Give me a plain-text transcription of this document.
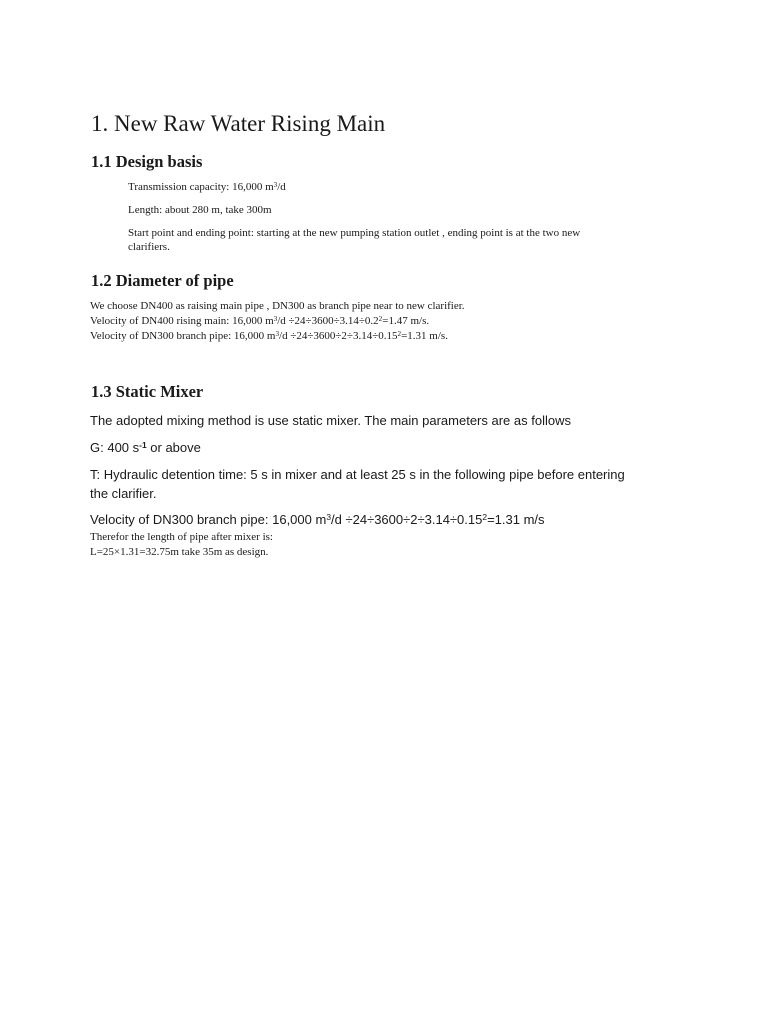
1. New Raw Water Rising Main
1.1 Design basis

Transmission capacity: 16,000 $m^3/d$

Length: about 280 m, take 300m

Start point and ending point: starting at the new pumping station outlet , ending point is at the two new

clarifiers.

1.2 Diameter of pipe

We choose DN400 as raising main pipe , DN300 as branch pipe near to new clarifier.

Velocity of DN400 rising main: 16,000 $m^3/d \div 24\div 3600\div 3.14\div 0.2^2=1.47$ m/s.

Velocity of DN300 branch pipe: 16,000 $m^3/d \div 24\div 3600\div 2\div 3.14\div 0.15^2=1.31$ m/s.

1.3 Static Mixer

The adopted mixing method is use static mixer. The main parameters are as follows

G: 400 $s^{-1}$ or above

T: Hydraulic detention time: 5 s in mixer and at least 25 s in the following pipe before entering

the clarifier.

Velocity of DN300 branch pipe: 16,000 $m^3/d \div 24\div 3600\div 2\div 3.14\div 0.15^2=1.31$ m/s

Therefor the length of pipe after mixer is:

L=25×1.31=32.75m take 35m as design.
